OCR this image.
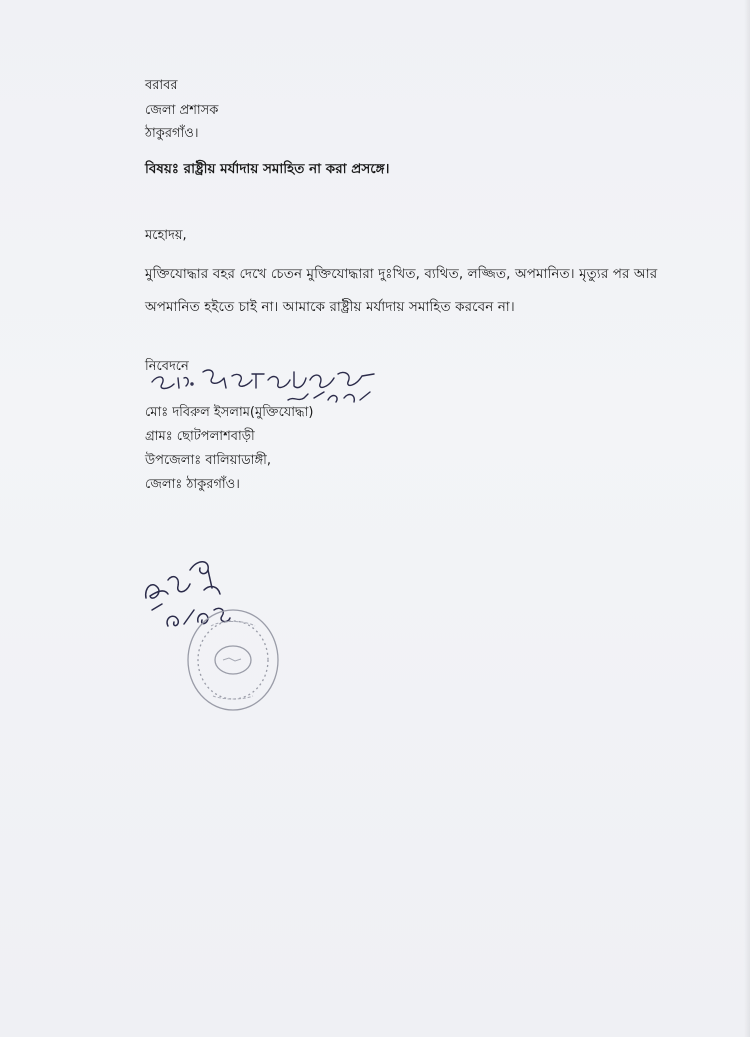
বরাবর
জেলা প্রশাসক
ঠাকুরগাঁও।
বিষয়ঃ রাষ্ট্রীয় মর্যাদায় সমাহিত না করা প্রসঙ্গে।
মহোদয়,
মুক্তিযোদ্ধার বহর দেখে চেতন মুক্তিযোদ্ধারা দুঃখিত, ব্যথিত, লজ্জিত, অপমানিত। মৃত্যুর পর আর
অপমানিত হইতে চাই না। আমাকে রাষ্ট্রীয় মর্যাদায় সমাহিত করবেন না।
নিবেদনে
মোঃ দবিরুল ইসলাম(মুক্তিযোদ্ধা)
গ্রামঃ ছোটপলাশবাড়ী
উপজেলাঃ বালিয়াডাঙ্গী,
জেলাঃ ঠাকুরগাঁও।
